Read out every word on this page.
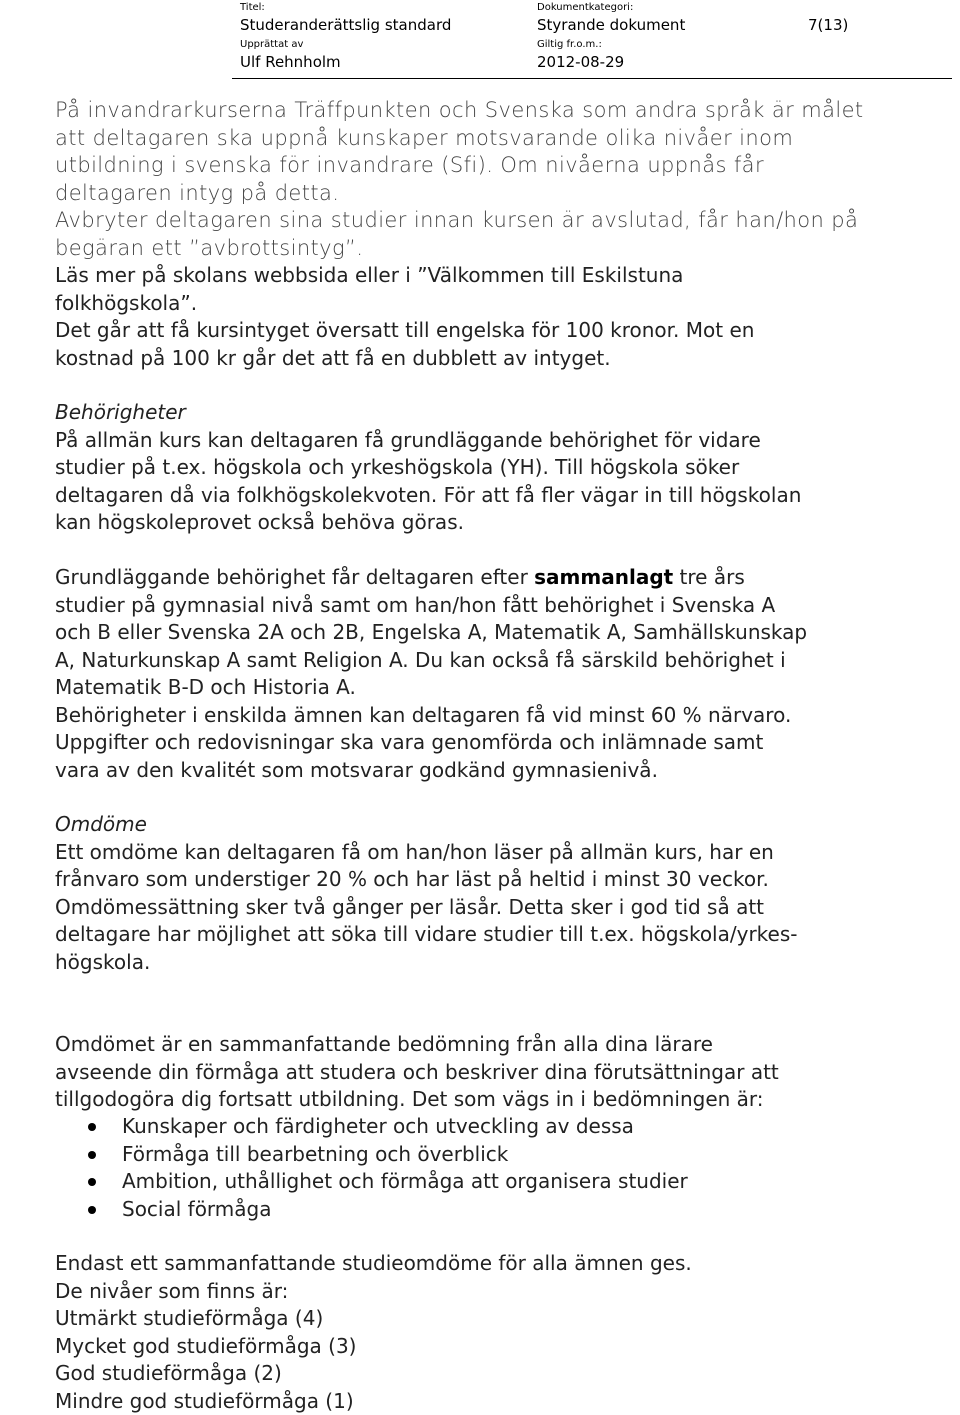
Titel:
Studeranderättslig standard
Dokumentkategori:
Styrande dokument	7(13)
Upprättat av
Ulf Rehnholm
Giltig fr.o.m.:
2012-08-29
På invandrarkurserna Träffpunkten och Svenska som andra språk är målet
att deltagaren ska uppnå kunskaper motsvarande olika nivåer inom
utbildning i svenska för invandrare (Sfi). Om nivåerna uppnås får
deltagaren intyg på detta.
Avbryter deltagaren sina studier innan kursen är avslutad, får han/hon på
begäran ett ”avbrottsintyg”.
Läs mer på skolans webbsida eller i ”Välkommen till Eskilstuna
folkhögskola”.
Det går att få kursintyget översatt till engelska för 100 kronor. Mot en
kostnad på 100 kr går det att få en dubblett av intyget.
Behörigheter
På allmän kurs kan deltagaren få grundläggande behörighet för vidare
studier på t.ex. högskola och yrkeshögskola (YH). Till högskola söker
deltagaren då via folkhögskolekvoten. För att få fler vägar in till högskolan
kan högskoleprovet också behöva göras.
Grundläggande behörighet får deltagaren efter sammanlagt tre års
studier på gymnasial nivå samt om han/hon fått behörighet i Svenska A
och B eller Svenska 2A och 2B, Engelska A, Matematik A, Samhällskunskap
A, Naturkunskap A samt Religion A. Du kan också få särskild behörighet i
Matematik B-D och Historia A.
Behörigheter i enskilda ämnen kan deltagaren få vid minst 60 % närvaro.
Uppgifter och redovisningar ska vara genomförda och inlämnade samt
vara av den kvalitét som motsvarar godkänd gymnasienivå.
Omdöme
Ett omdöme kan deltagaren få om han/hon läser på allmän kurs, har en
frånvaro som understiger 20 % och har läst på heltid i minst 30 veckor.
Omdömessättning sker två gånger per läsår. Detta sker i god tid så att
deltagare har möjlighet att söka till vidare studier till t.ex. högskola/yrkes-
högskola.
Omdömet är en sammanfattande bedömning från alla dina lärare
avseende din förmåga att studera och beskriver dina förutsättningar att
tillgodogöra dig fortsatt utbildning. Det som vägs in i bedömningen är:
Kunskaper och färdigheter och utveckling av dessa
Förmåga till bearbetning och överblick
Ambition, uthållighet och förmåga att organisera studier
Social förmåga
Endast ett sammanfattande studieomdöme för alla ämnen ges.
De nivåer som finns är:
Utmärkt studieförmåga (4)
Mycket god studieförmåga (3)
God studieförmåga (2)
Mindre god studieförmåga (1)
